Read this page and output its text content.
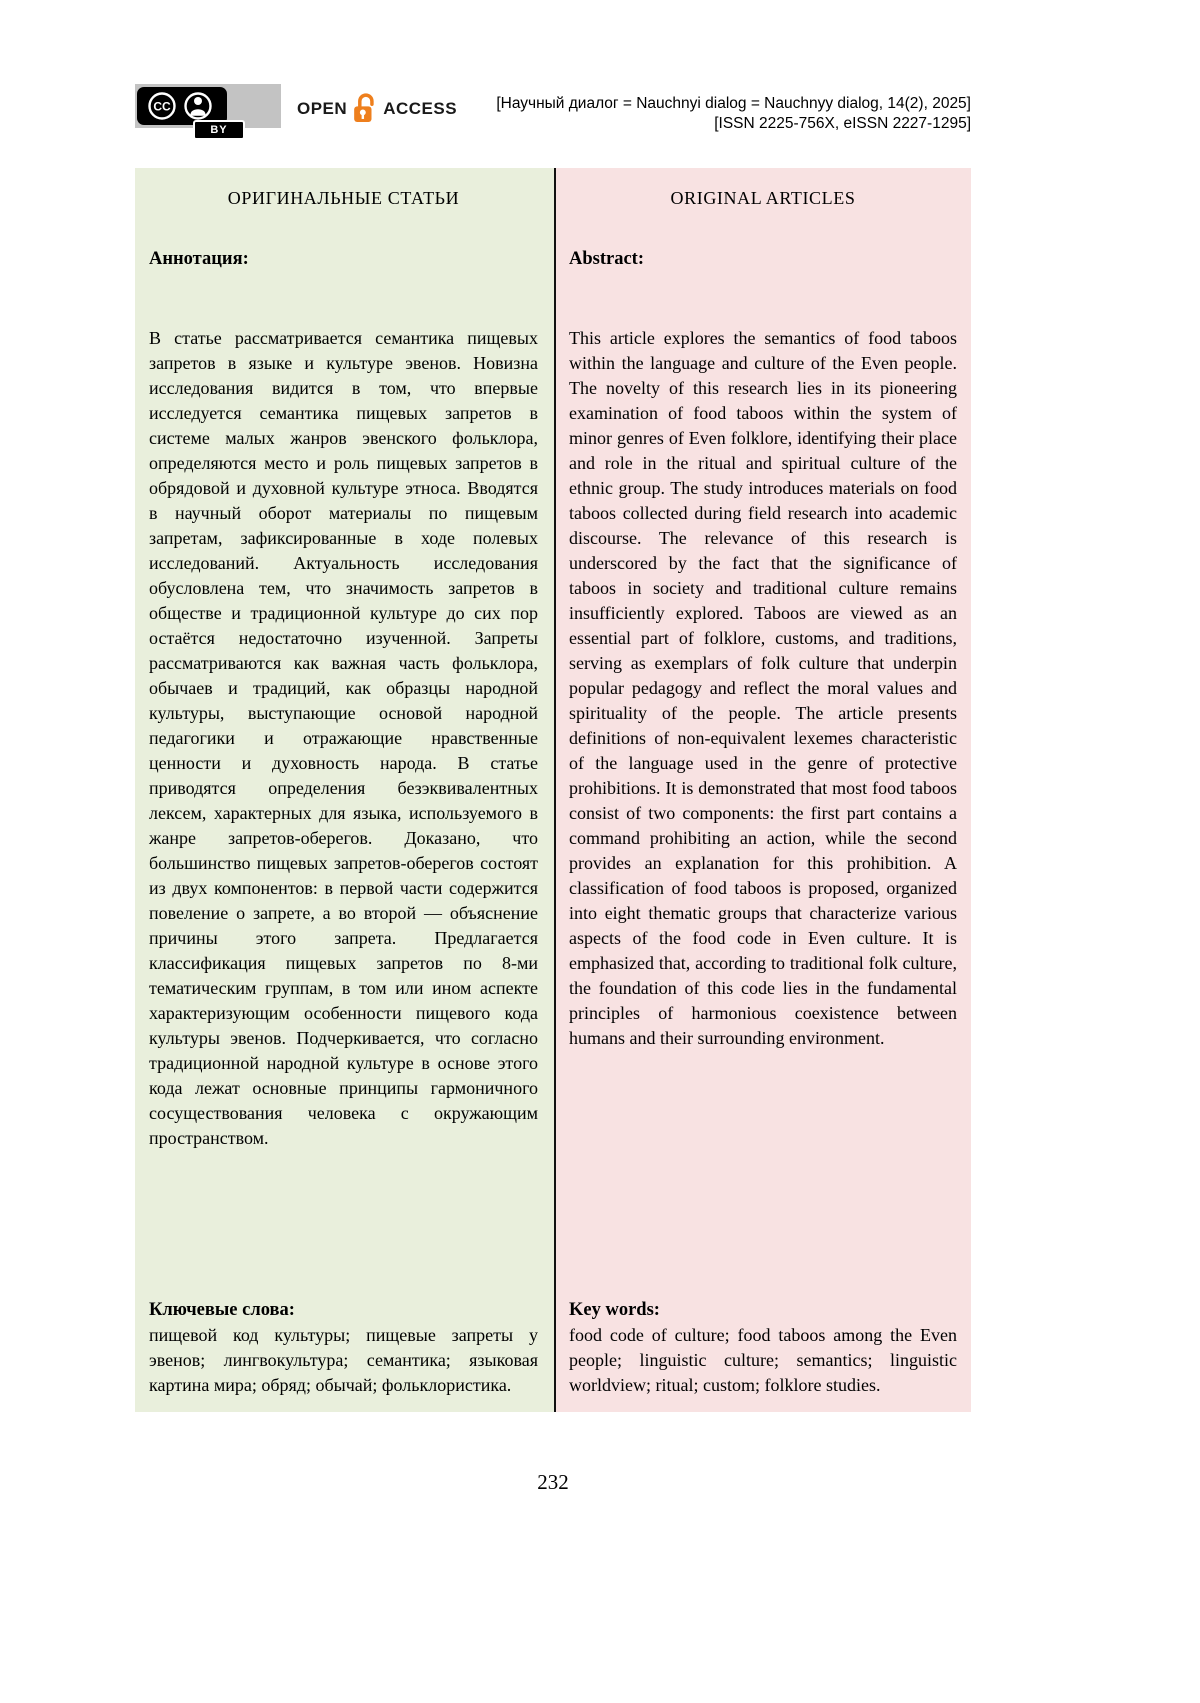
CC
BY
OPEN ACCESS	[Научный диалог = Nauchnyi dialog = Nauchnyy dialog, 14(2), 2025]
[ISSN 2225-756X, eISSN 2227-1295]
ОРИГИНАЛЬНЫЕ СТАТЬИ
Аннотация:

В статье рассматривается семантика пищевых запретов в языке и культуре эвенов. Новизна исследования видится в том, что впервые исследуется семантика пищевых запретов в системе малых жанров эвенского фольклора, определяются место и роль пищевых запретов в обрядовой и духовной культуре этноса. Вводятся в научный оборот материалы по пищевым запретам, зафиксированные в ходе полевых исследований. Актуальность исследования обусловлена тем, что значимость запретов в обществе и традиционной культуре до сих пор остаётся недостаточно изученной. Запреты рассматриваются как важная часть фольклора, обычаев и традиций, как образцы народной культуры, выступающие основой народной педагогики и отражающие нравственные ценности и духовность народа. В статье приводятся определения безэквивалентных лексем, характерных для языка, используемого в жанре запретов-оберегов. Доказано, что большинство пищевых запретов-оберегов состоят из двух компонентов: в первой части содержится повеление о запрете, а во второй — объяснение причины этого запрета. Предлагается классификация пищевых запретов по 8-ми тематическим группам, в том или ином аспекте характеризующим особенности пищевого кода культуры эвенов. Подчеркивается, что согласно традиционной народной культуре в основе этого кода лежат основные принципы гармоничного сосуществования человека с окружающим пространством.

Ключевые слова:

пищевой код культуры; пищевые запреты у эвенов; лингвокультура; семантика; языковая картина мира; обряд; обычай; фольклористика.

ORIGINAL ARTICLES
Abstract:

This article explores the semantics of food taboos within the language and culture of the Even people. The novelty of this research lies in its pioneering examination of food taboos within the system of minor genres of Even folklore, identifying their place and role in the ritual and spiritual culture of the ethnic group. The study introduces materials on food taboos collected during field research into academic discourse. The relevance of this research is underscored by the fact that the significance of taboos in society and traditional culture remains insufficiently explored. Taboos are viewed as an essential part of folklore, customs, and traditions, serving as exemplars of folk culture that underpin popular pedagogy and reflect the moral values and spirituality of the people. The article presents definitions of non-equivalent lexemes characteristic of the language used in the genre of protective prohibitions. It is demonstrated that most food taboos consist of two components: the first part contains a command prohibiting an action, while the second provides an explanation for this prohibition. A classification of food taboos is proposed, organized into eight thematic groups that characterize various aspects of the food code in Even culture. It is emphasized that, according to traditional folk culture, the foundation of this code lies in the fundamental principles of harmonious coexistence between humans and their surrounding environment.

Key words:

food code of culture; food taboos among the Even people; linguistic culture; semantics; linguistic worldview; ritual; custom; folklore studies.

232
